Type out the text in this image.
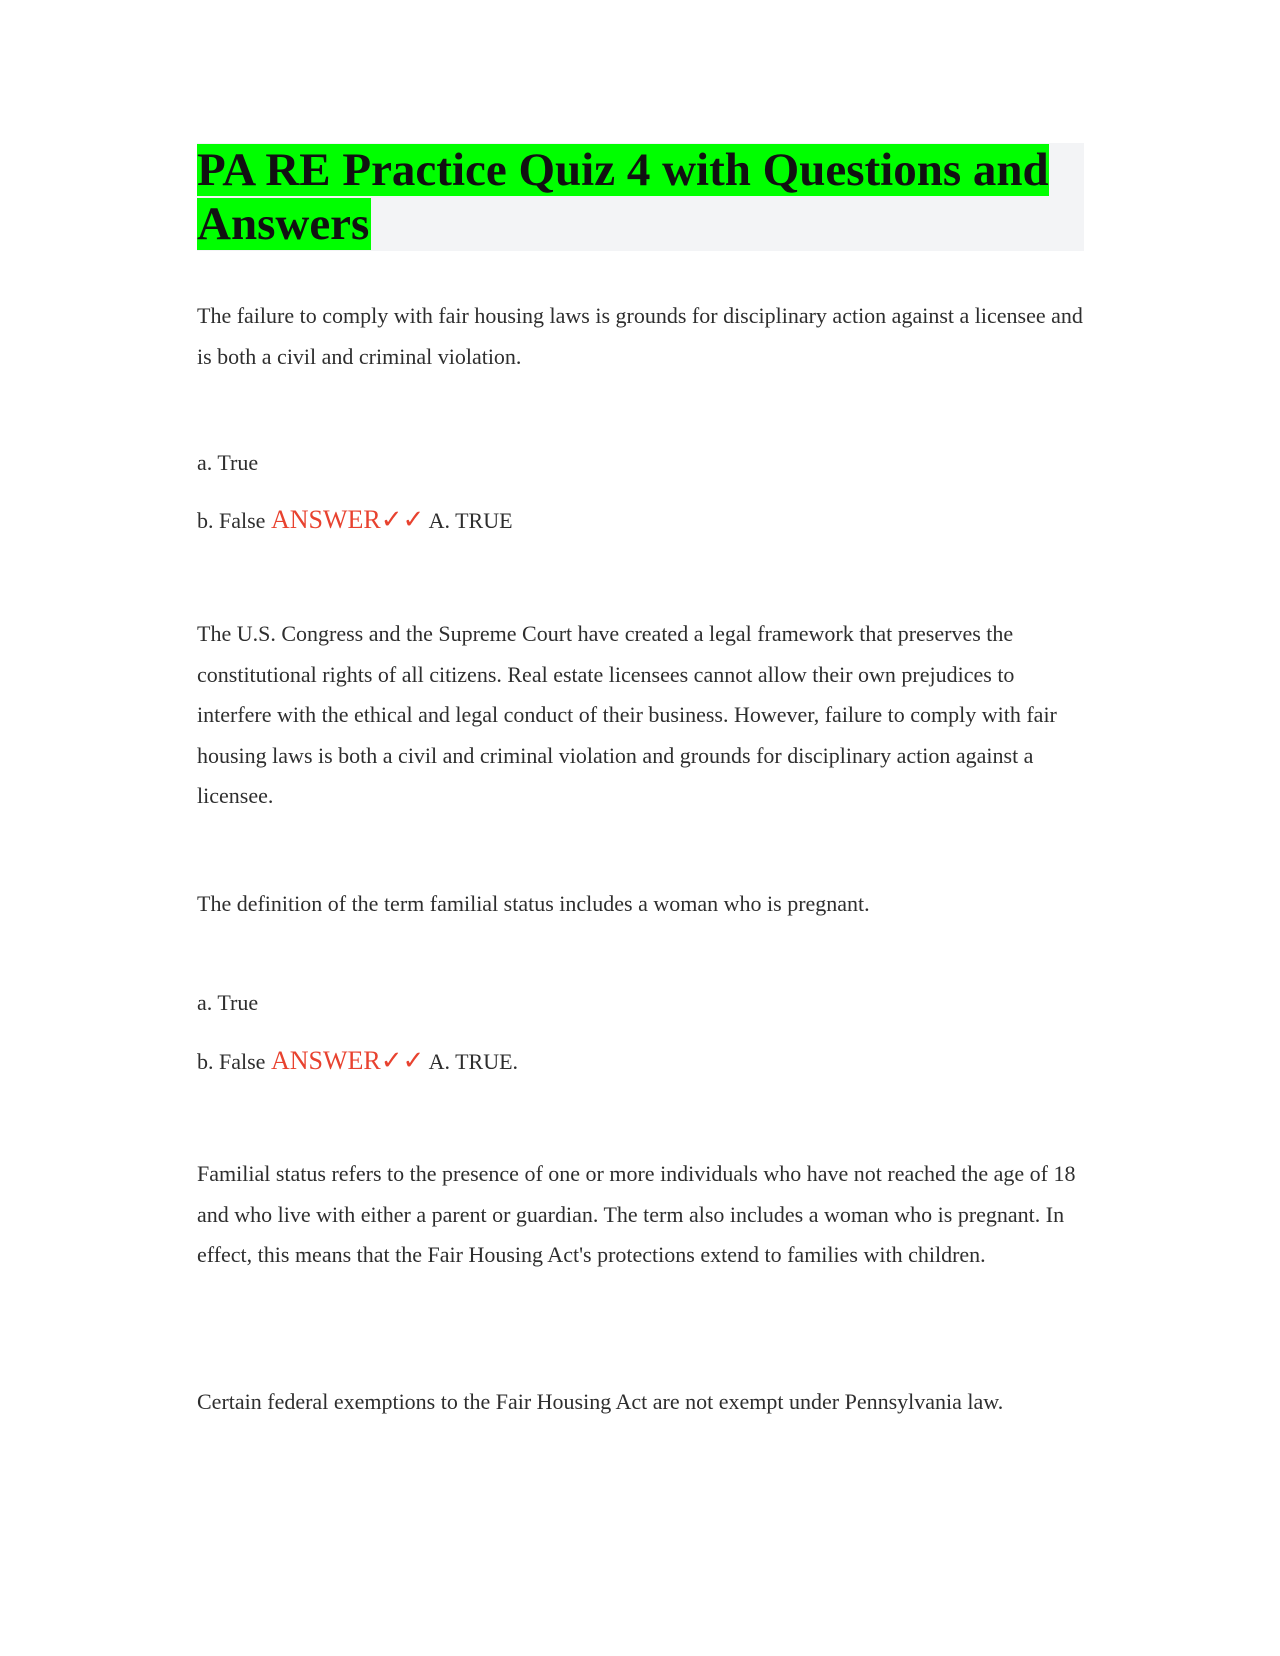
PA RE Practice Quiz 4 with Questions and Answers

The failure to comply with fair housing laws is grounds for disciplinary action against a licensee and is both a civil and criminal violation.

a. True

b. False ANSWER✓✓ A. TRUE

The U.S. Congress and the Supreme Court have created a legal framework that preserves the constitutional rights of all citizens. Real estate licensees cannot allow their own prejudices to interfere with the ethical and legal conduct of their business. However, failure to comply with fair housing laws is both a civil and criminal violation and grounds for disciplinary action against a licensee.

The definition of the term familial status includes a woman who is pregnant.

a. True

b. False ANSWER✓✓ A. TRUE.

Familial status refers to the presence of one or more individuals who have not reached the age of 18 and who live with either a parent or guardian. The term also includes a woman who is pregnant. In effect, this means that the Fair Housing Act's protections extend to families with children.

Certain federal exemptions to the Fair Housing Act are not exempt under Pennsylvania law.
